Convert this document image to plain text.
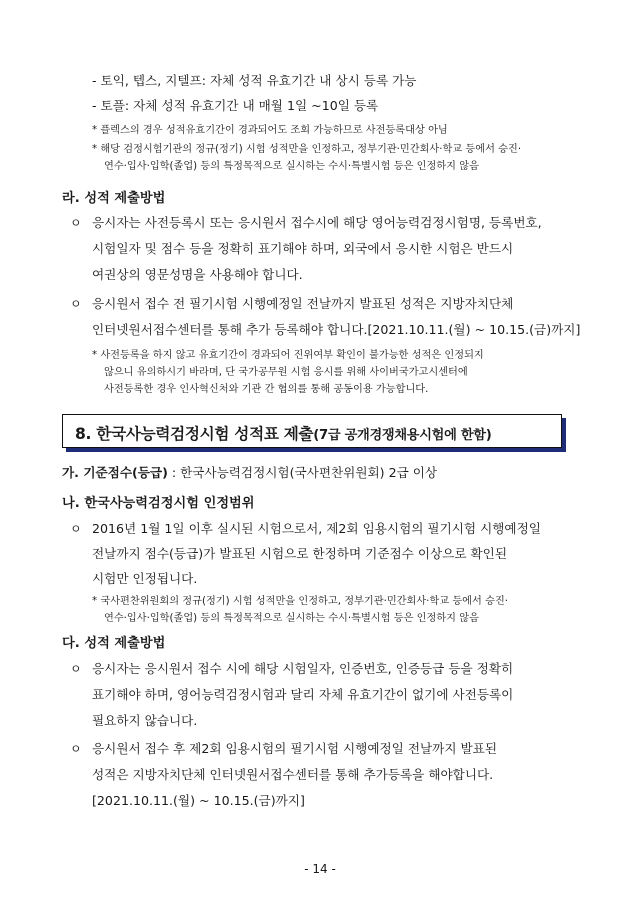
- 토익, 텝스, 지텔프: 자체 성적 유효기간 내 상시 등록 가능
- 토플: 자체 성적 유효기간 내 매월 1일 ~10일 등록
* 플렉스의 경우 성적유효기간이 경과되어도 조회 가능하므로 사전등록대상 아님
* 해당 검정시험기관의 정규(정기) 시험 성적만을 인정하고, 정부기관·민간회사·학교 등에서 승진·
연수·입사·입학(졸업) 등의 특정목적으로 실시하는 수시·특별시험 등은 인정하지 않음
라. 성적 제출방법
ㅇ 응시자는 사전등록시 또는 응시원서 접수시에 해당 영어능력검정시험명, 등록번호,
시험일자 및 점수 등을 정확히 표기해야 하며, 외국에서 응시한 시험은 반드시
여권상의 영문성명을 사용해야 합니다.
ㅇ 응시원서 접수 전 필기시험 시행예정일 전날까지 발표된 성적은 지방자치단체
인터넷원서접수센터를 통해 추가 등록해야 합니다.[2021.10.11.(월) ~ 10.15.(금)까지]
* 사전등록을 하지 않고 유효기간이 경과되어 진위여부 확인이 불가능한 성적은 인정되지
않으니 유의하시기 바라며, 단 국가공무원 시험 응시를 위해 사이버국가고시센터에
사전등록한 경우 인사혁신처와 기관 간 협의를 통해 공동이용 가능합니다.
8. 한국사능력검정시험 성적표 제출(7급 공개경쟁채용시험에 한함)
가. 기준점수(등급) : 한국사능력검정시험(국사편찬위원회) 2급 이상
나. 한국사능력검정시험 인정범위
ㅇ 2016년 1월 1일 이후 실시된 시험으로서, 제2회 임용시험의 필기시험 시행예정일
전날까지 점수(등급)가 발표된 시험으로 한정하며 기준점수 이상으로 확인된
시험만 인정됩니다.
* 국사편찬위원회의 정규(정기) 시험 성적만을 인정하고, 정부기관·민간회사·학교 등에서 승진·
연수·입사·입학(졸업) 등의 특정목적으로 실시하는 수시·특별시험 등은 인정하지 않음
다. 성적 제출방법
ㅇ 응시자는 응시원서 접수 시에 해당 시험일자, 인증번호, 인증등급 등을 정확히
표기해야 하며, 영어능력검정시험과 달리 자체 유효기간이 없기에 사전등록이
필요하지 않습니다.
ㅇ 응시원서 접수 후 제2회 임용시험의 필기시험 시행예정일 전날까지 발표된
성적은 지방자치단체 인터넷원서접수센터를 통해 추가등록을 해야합니다.
[2021.10.11.(월) ~ 10.15.(금)까지]
- 14 -
